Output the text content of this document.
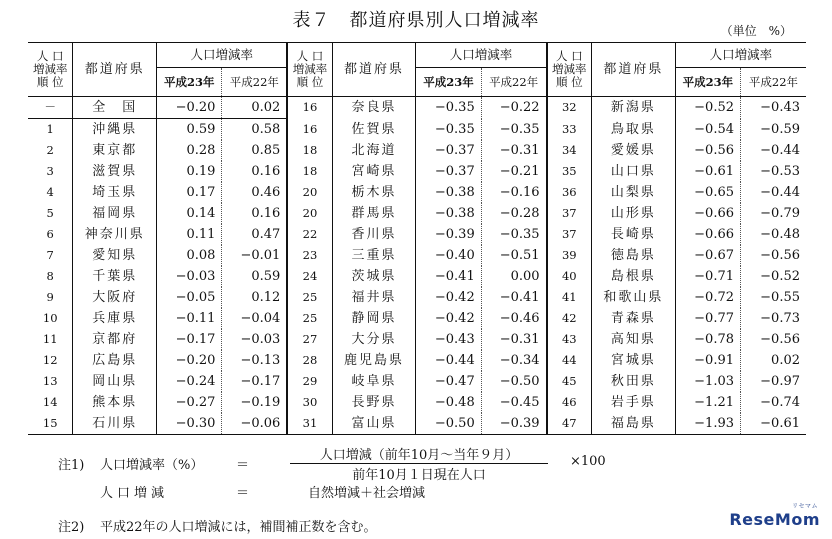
表７　都道府県別人口増減率	（単位　%）
人 口
増減率
順 位	都道府県	人口増減率		人 口
増減率
順 位	都道府県	人口増減率		人 口
増減率
順 位	都道府県	人口増減率	
		平成23年	平成22年			平成23年	平成22年			平成23年	平成22年
－	全　国	−0.20	0.02	16	奈良県	−0.35	−0.22	32	新潟県	−0.52	−0.43
1	沖縄県	0.59	0.58	16	佐賀県	−0.35	−0.35	33	鳥取県	−0.54	−0.59
2	東京都	0.28	0.85	18	北海道	−0.37	−0.31	34	愛媛県	−0.56	−0.44
3	滋賀県	0.19	0.16	18	宮崎県	−0.37	−0.21	35	山口県	−0.61	−0.53
4	埼玉県	0.17	0.46	20	栃木県	−0.38	−0.16	36	山梨県	−0.65	−0.44
5	福岡県	0.14	0.16	20	群馬県	−0.38	−0.28	37	山形県	−0.66	−0.79
6	神奈川県	0.11	0.47	22	香川県	−0.39	−0.35	37	長崎県	−0.66	−0.48
7	愛知県	0.08	−0.01	23	三重県	−0.40	−0.51	39	徳島県	−0.67	−0.56
8	千葉県	−0.03	0.59	24	茨城県	−0.41	0.00	40	島根県	−0.71	−0.52
9	大阪府	−0.05	0.12	25	福井県	−0.42	−0.41	41	和歌山県	−0.72	−0.55
10	兵庫県	−0.11	−0.04	25	静岡県	−0.42	−0.46	42	青森県	−0.77	−0.73
11	京都府	−0.17	−0.03	27	大分県	−0.43	−0.31	43	高知県	−0.78	−0.56
12	広島県	−0.20	−0.13	28	鹿児島県	−0.44	−0.34	44	宮城県	−0.91	0.02
13	岡山県	−0.24	−0.17	29	岐阜県	−0.47	−0.50	45	秋田県	−1.03	−0.97
14	熊本県	−0.27	−0.19	30	長野県	−0.48	−0.45	46	岩手県	−1.21	−0.74
15	石川県	−0.30	−0.06	31	富山県	−0.50	−0.39	47	福島県	−1.93	−0.61
注1) 人口増減率（%）	＝
人口増減（前年10月～当年９月）
前年10月１日現在人口
×100
人口増減	＝	自然増減＋社会増減
注2) 平成22年の人口増減には，補間補正数を含む。
リセマム
ReseMom
